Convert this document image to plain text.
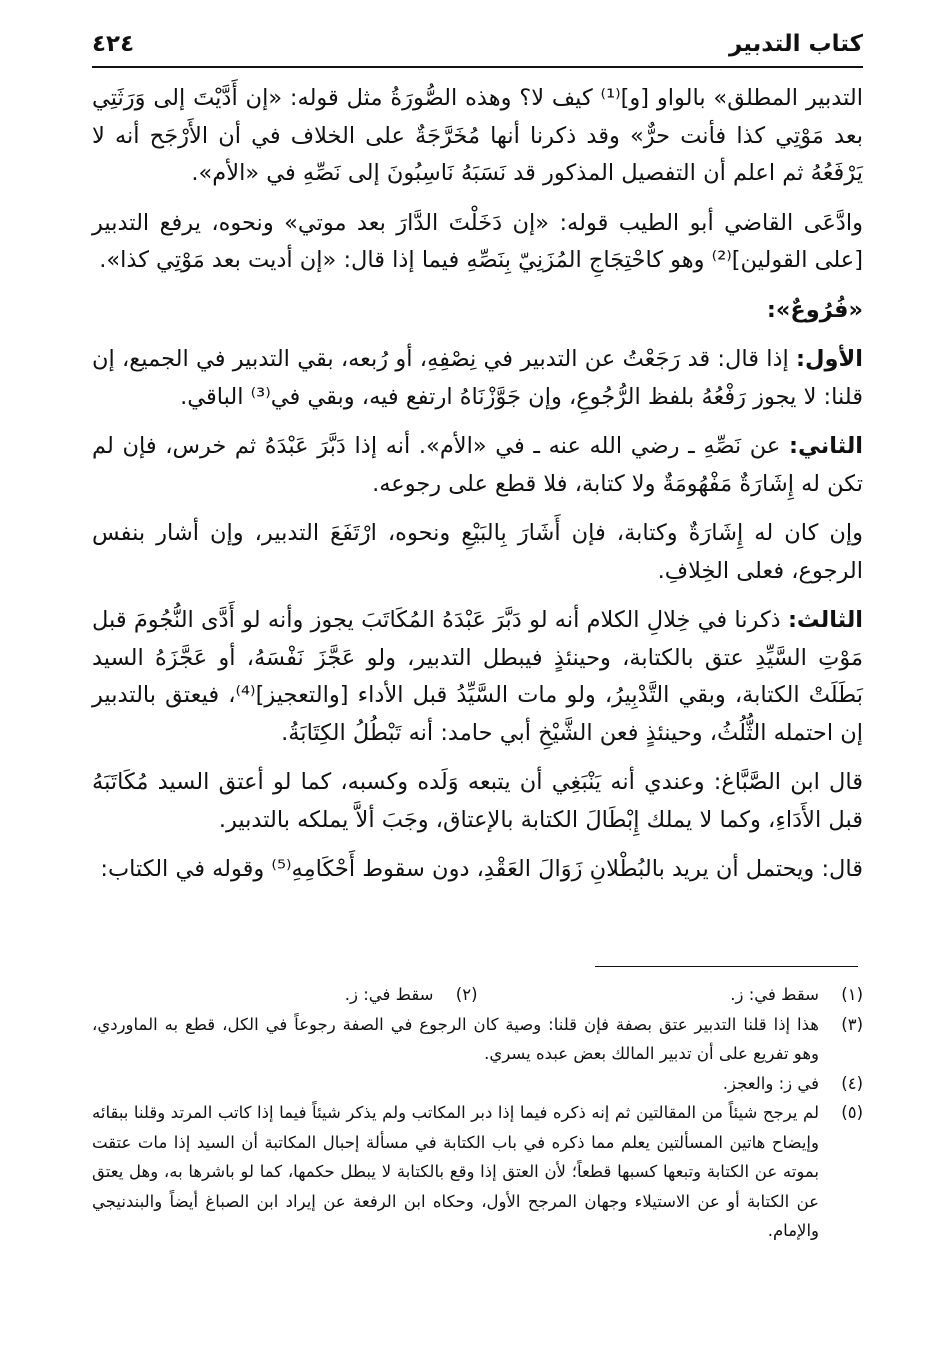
كتاب التدبير
٤٢٤

التدبير المطلق» بالواو [و]⁽¹⁾ كيف لا؟ وهذه الصُّورَةُ مثل قوله: «إن أَدَّيْتَ إلى وَرَثَتِي بعد مَوْتِي كذا فأنت حرٌّ» وقد ذكرنا أنها مُخَرَّجَةٌ على الخلاف في أن الأَرْجَح أنه لا يَرْفَعُهُ ثم اعلم أن التفصيل المذكور قد نَسَبَهُ نَاسِبُونَ إلى نَصِّهِ في «الأم».

وادَّعَى القاضي أبو الطيب قوله: «إن دَخَلْتَ الدَّارَ بعد موتي» ونحوه، يرفع التدبير [على القولين]⁽²⁾ وهو كاحْتِجَاجِ المُزَنِيّ بِنَصِّهِ فيما إذا قال: «إن أديت بعد مَوْتِي كذا».

«فُرُوعٌ»:

الأول: إذا قال: قد رَجَعْتُ عن التدبير في نِصْفِهِ، أو رُبعه، بقي التدبير في الجميع، إن قلنا: لا يجوز رَفْعُهُ بلفظ الرُّجُوعِ، وإن جَوَّزْنَاهُ ارتفع فيه، وبقي في⁽³⁾ الباقي.

الثاني: عن نَصِّهِ ـ رضي الله عنه ـ في «الأم». أنه إذا دَبَّرَ عَبْدَهُ ثم خرس، فإن لم تكن له إِشَارَةٌ مَفْهُومَةٌ ولا كتابة، فلا قطع على رجوعه.

وإن كان له إِشَارَةٌ وكتابة، فإن أَشَارَ بِالبَيْعِ ونحوه، ارْتَفَعَ التدبير، وإن أشار بنفس الرجوع، فعلى الخِلافِ.

الثالث: ذكرنا في خِلالِ الكلام أنه لو دَبَّرَ عَبْدَهُ المُكَاتَبَ يجوز وأنه لو أَدَّى النُّجُومَ قبل مَوْتِ السَّيِّدِ عتق بالكتابة، وحينئذٍ فيبطل التدبير، ولو عَجَّزَ نَفْسَهُ، أو عَجَّزَهُ السيد بَطَلَتْ الكتابة، وبقي التَّدْبِيرُ، ولو مات السَّيِّدُ قبل الأداء [والتعجيز]⁽⁴⁾، فيعتق بالتدبير إن احتمله الثُّلُثُ، وحينئذٍ فعن الشَّيْخِ أبي حامد: أنه تَبْطُلُ الكِتَابَةُ.

قال ابن الصَّبَّاغ: وعندي أنه يَنْبَغِي أن يتبعه وَلَده وكسبه، كما لو أعتق السيد مُكَاتَبَهُ قبل الأَدَاءِ، وكما لا يملك إِبْطَالَ الكتابة بالإعتاق، وجَبَ ألاَّ يملكه بالتدبير.

قال: ويحتمل أن يريد بالبُطْلانِ زَوَالَ العَقْدِ، دون سقوط أَحْكَامِهِ⁽⁵⁾ وقوله في الكتاب:

(١)
سقط في: ز.
(٢)
سقط في: ز.
(٣)
هذا إذا قلنا التدبير عتق بصفة فإن قلنا: وصية كان الرجوع في الصفة رجوعاً في الكل، قطع به الماوردي، وهو تفريع على أن تدبير المالك بعض عبده يسري.
(٤)
في ز: والعجز.
(٥)
لم يرجح شيئاً من المقالتين ثم إنه ذكره فيما إذا دبر المكاتب ولم يذكر شيئاً فيما إذا كاتب المرتد وقلنا ببقائه وإيضاح هاتين المسألتين يعلم مما ذكره في باب الكتابة في مسألة إحبال المكاتبة أن السيد إذا مات عتقت بموته عن الكتابة وتبعها كسبها قطعاً؛ لأن العتق إذا وقع بالكتابة لا يبطل حكمها، كما لو باشرها به، وهل يعتق عن الكتابة أو عن الاستيلاء وجهان المرجح الأول، وحكاه ابن الرفعة عن إيراد ابن الصباغ أيضاً والبندنيجي والإمام.
